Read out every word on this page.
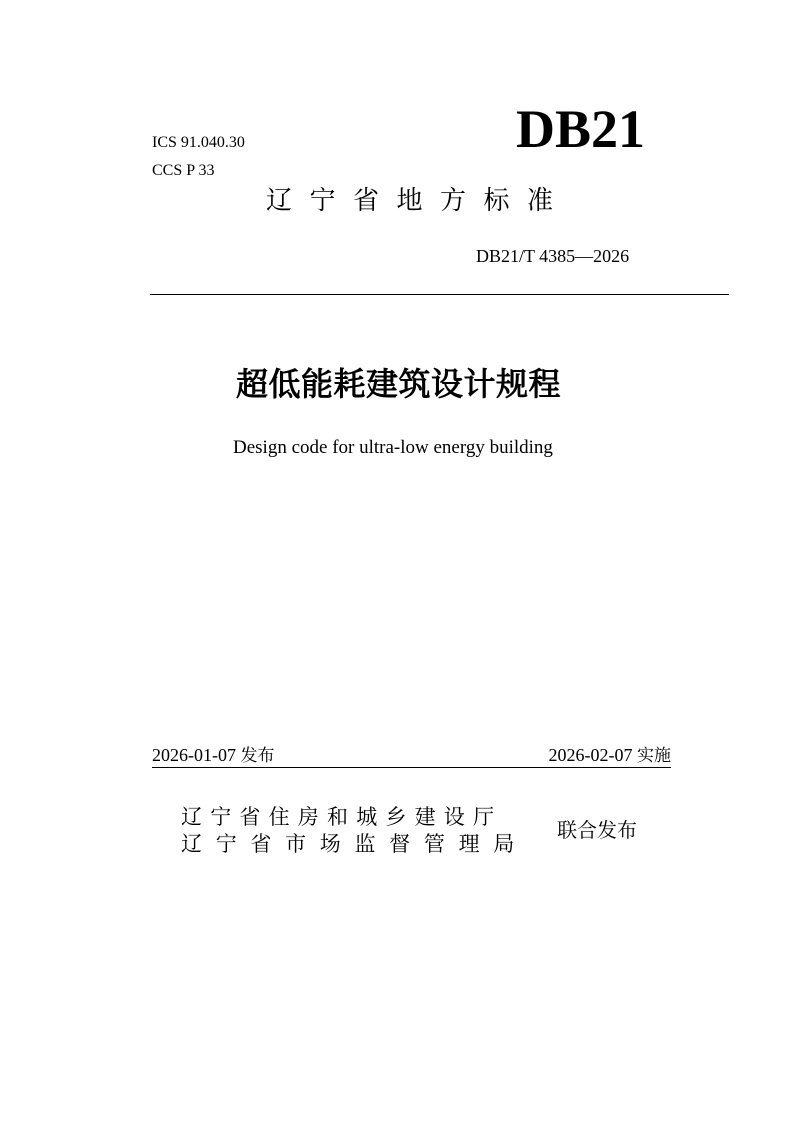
ICS 91.040.30
CCS P 33
DB21
辽宁省地方标准
DB21/T 4385—2026
超低能耗建筑设计规程
Design code for ultra-low energy building
2026-01-07 发布	2026-02-07 实施
辽宁省住房和城乡建设厅
辽宁省市场监督管理局
联合发布
